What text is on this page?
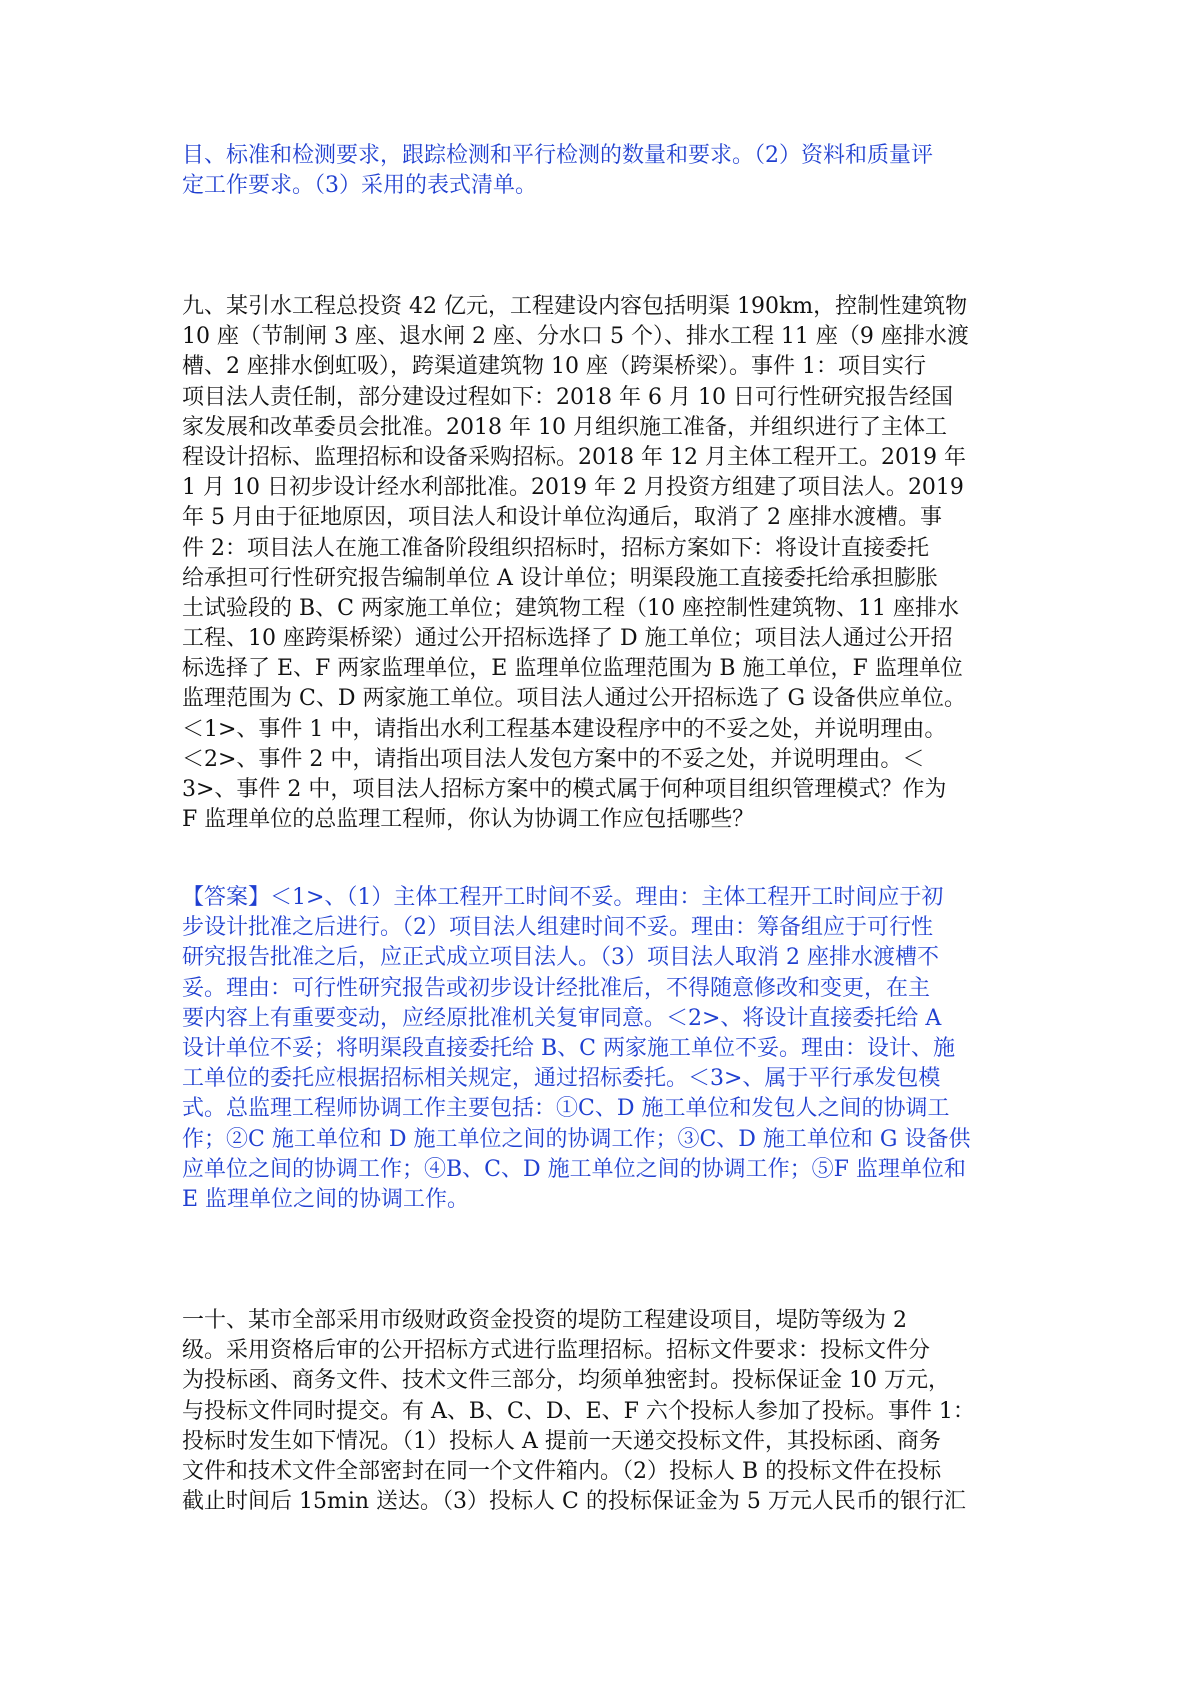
目、标准和检测要求，跟踪检测和平行检测的数量和要求。（2）资料和质量评
定工作要求。（3）采用的表式清单。
九、某引水工程总投资 42 亿元，工程建设内容包括明渠 190km，控制性建筑物
10 座（节制闸 3 座、退水闸 2 座、分水口 5 个）、排水工程 11 座（9 座排水渡
槽、2 座排水倒虹吸），跨渠道建筑物 10 座（跨渠桥梁）。事件 1：项目实行
项目法人责任制，部分建设过程如下：2018 年 6 月 10 日可行性研究报告经国
家发展和改革委员会批准。2018 年 10 月组织施工准备，并组织进行了主体工
程设计招标、监理招标和设备采购招标。2018 年 12 月主体工程开工。2019 年
1 月 10 日初步设计经水利部批准。2019 年 2 月投资方组建了项目法人。2019
年 5 月由于征地原因，项目法人和设计单位沟通后，取消了 2 座排水渡槽。事
件 2：项目法人在施工准备阶段组织招标时，招标方案如下：将设计直接委托
给承担可行性研究报告编制单位 A 设计单位；明渠段施工直接委托给承担膨胀
土试验段的 B、C 两家施工单位；建筑物工程（10 座控制性建筑物、11 座排水
工程、10 座跨渠桥梁）通过公开招标选择了 D 施工单位；项目法人通过公开招
标选择了 E、F 两家监理单位，E 监理单位监理范围为 B 施工单位，F 监理单位
监理范围为 C、D 两家施工单位。项目法人通过公开招标选了 G 设备供应单位。
＜1>、事件 1 中，请指出水利工程基本建设程序中的不妥之处，并说明理由。
＜2>、事件 2 中，请指出项目法人发包方案中的不妥之处，并说明理由。＜
3>、事件 2 中，项目法人招标方案中的模式属于何种项目组织管理模式？作为
F 监理单位的总监理工程师，你认为协调工作应包括哪些？
【答案】＜1>、（1）主体工程开工时间不妥。理由：主体工程开工时间应于初
步设计批准之后进行。（2）项目法人组建时间不妥。理由：筹备组应于可行性
研究报告批准之后，应正式成立项目法人。（3）项目法人取消 2 座排水渡槽不
妥。理由：可行性研究报告或初步设计经批准后，不得随意修改和变更，在主
要内容上有重要变动，应经原批准机关复审同意。＜2>、将设计直接委托给 A
设计单位不妥；将明渠段直接委托给 B、C 两家施工单位不妥。理由：设计、施
工单位的委托应根据招标相关规定，通过招标委托。＜3>、属于平行承发包模
式。总监理工程师协调工作主要包括：①C、D 施工单位和发包人之间的协调工
作；②C 施工单位和 D 施工单位之间的协调工作；③C、D 施工单位和 G 设备供
应单位之间的协调工作；④B、C、D 施工单位之间的协调工作；⑤F 监理单位和
E 监理单位之间的协调工作。
一十、某市全部采用市级财政资金投资的堤防工程建设项目，堤防等级为 2
级。采用资格后审的公开招标方式进行监理招标。招标文件要求：投标文件分
为投标函、商务文件、技术文件三部分，均须单独密封。投标保证金 10 万元，
与投标文件同时提交。有 A、B、C、D、E、F 六个投标人参加了投标。事件 1：
投标时发生如下情况。（1）投标人 A 提前一天递交投标文件，其投标函、商务
文件和技术文件全部密封在同一个文件箱内。（2）投标人 B 的投标文件在投标
截止时间后 15min 送达。（3）投标人 C 的投标保证金为 5 万元人民币的银行汇
